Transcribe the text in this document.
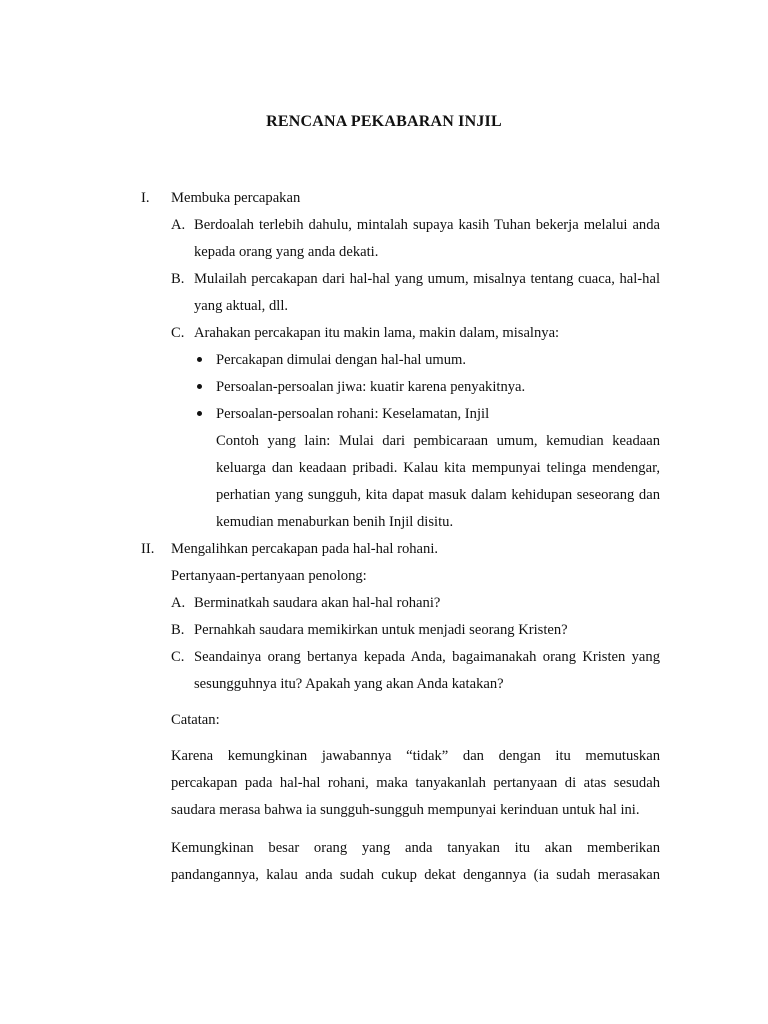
RENCANA PEKABARAN INJIL
I. Membuka percapakan
A. Berdoalah terlebih dahulu, mintalah supaya kasih Tuhan bekerja melalui anda
kepada orang yang anda dekati.
B. Mulailah percakapan dari hal-hal yang umum, misalnya tentang cuaca, hal-hal
yang aktual, dll.
C. Arahakan percakapan itu makin lama, makin dalam, misalnya:
Percakapan dimulai dengan hal-hal umum.
Persoalan-persoalan jiwa: kuatir karena penyakitnya.
Persoalan-persoalan rohani: Keselamatan, Injil
Contoh yang lain: Mulai dari pembicaraan umum, kemudian keadaan
keluarga dan keadaan pribadi. Kalau kita mempunyai telinga mendengar,
perhatian yang sungguh, kita dapat masuk dalam kehidupan seseorang dan
kemudian menaburkan benih Injil disitu.
II. Mengalihkan percakapan pada hal-hal rohani.
Pertanyaan-pertanyaan penolong:
A. Berminatkah saudara akan hal-hal rohani?
B. Pernahkah saudara memikirkan untuk menjadi seorang Kristen?
C. Seandainya orang bertanya kepada Anda, bagaimanakah orang Kristen yang
sesungguhnya itu? Apakah yang akan Anda katakan?
Catatan:
Karena kemungkinan jawabannya “tidak” dan dengan itu memutuskan
percakapan pada hal-hal rohani, maka tanyakanlah pertanyaan di atas sesudah
saudara merasa bahwa ia sungguh-sungguh mempunyai kerinduan untuk hal ini.
Kemungkinan besar orang yang anda tanyakan itu akan memberikan
pandangannya, kalau anda sudah cukup dekat dengannya (ia sudah merasakan
